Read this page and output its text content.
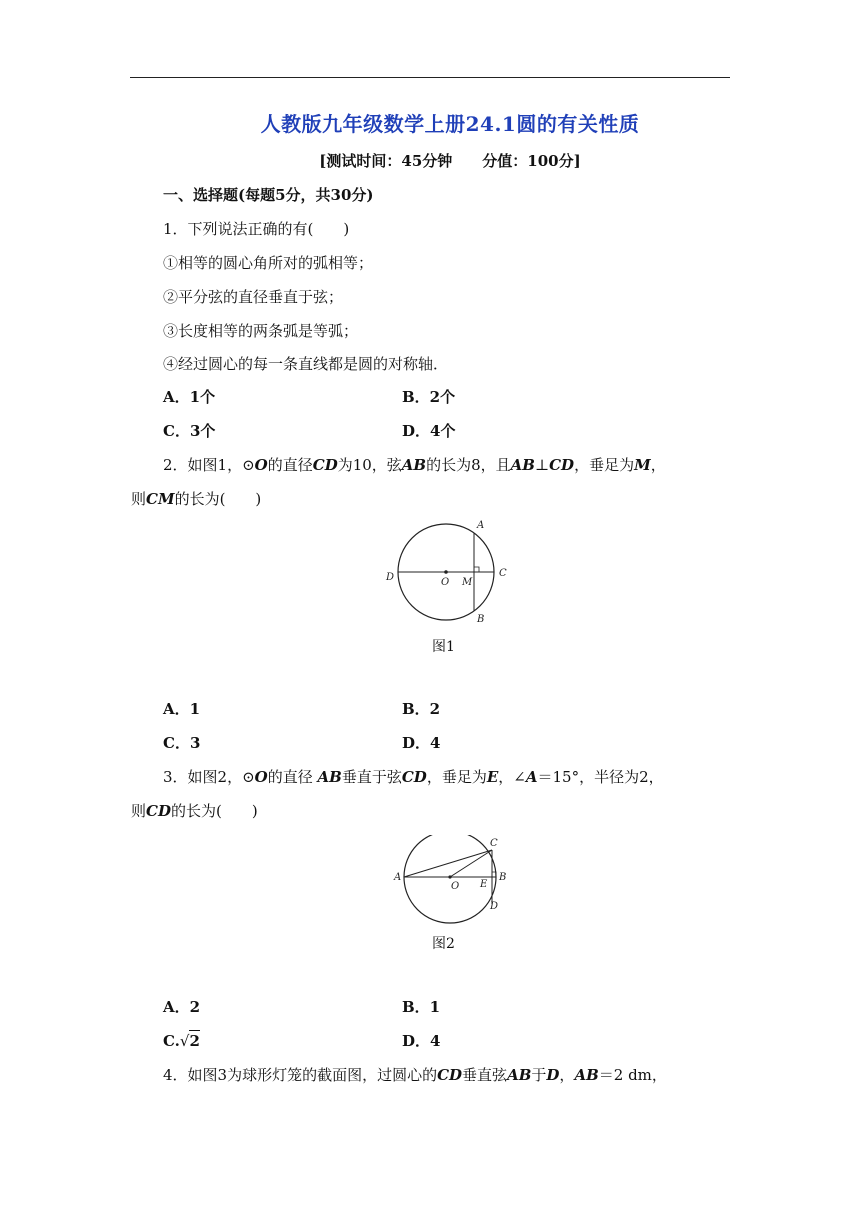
人教版九年级数学上册24.1圆的有关性质
[测试时间：45分钟　　分值：100分]
一、选择题(每题5分，共30分)
1．下列说法正确的有(　　)
①相等的圆心角所对的弧相等；
②平分弦的直径垂直于弦；
③长度相等的两条弧是等弧；
④经过圆心的每一条直线都是圆的对称轴．
A．1个	B．2个
C．3个	D．4个
2．如图1，⊙O的直径CD为10，弦AB的长为8，且AB⊥CD，垂足为M，
则CM的长为(　　)
A
B
C
D	O M
图1
A．1	B．2
C．3	D．4
3．如图2，⊙O的直径 AB垂直于弦CD，垂足为E，∠A＝15°，半径为2，
则CD的长为(　　)
C
B
D
A
O E
图2
A．2	B．1
C.√2	D．4
4．如图3为球形灯笼的截面图，过圆心的CD垂直弦AB于D，AB＝2 dm，
